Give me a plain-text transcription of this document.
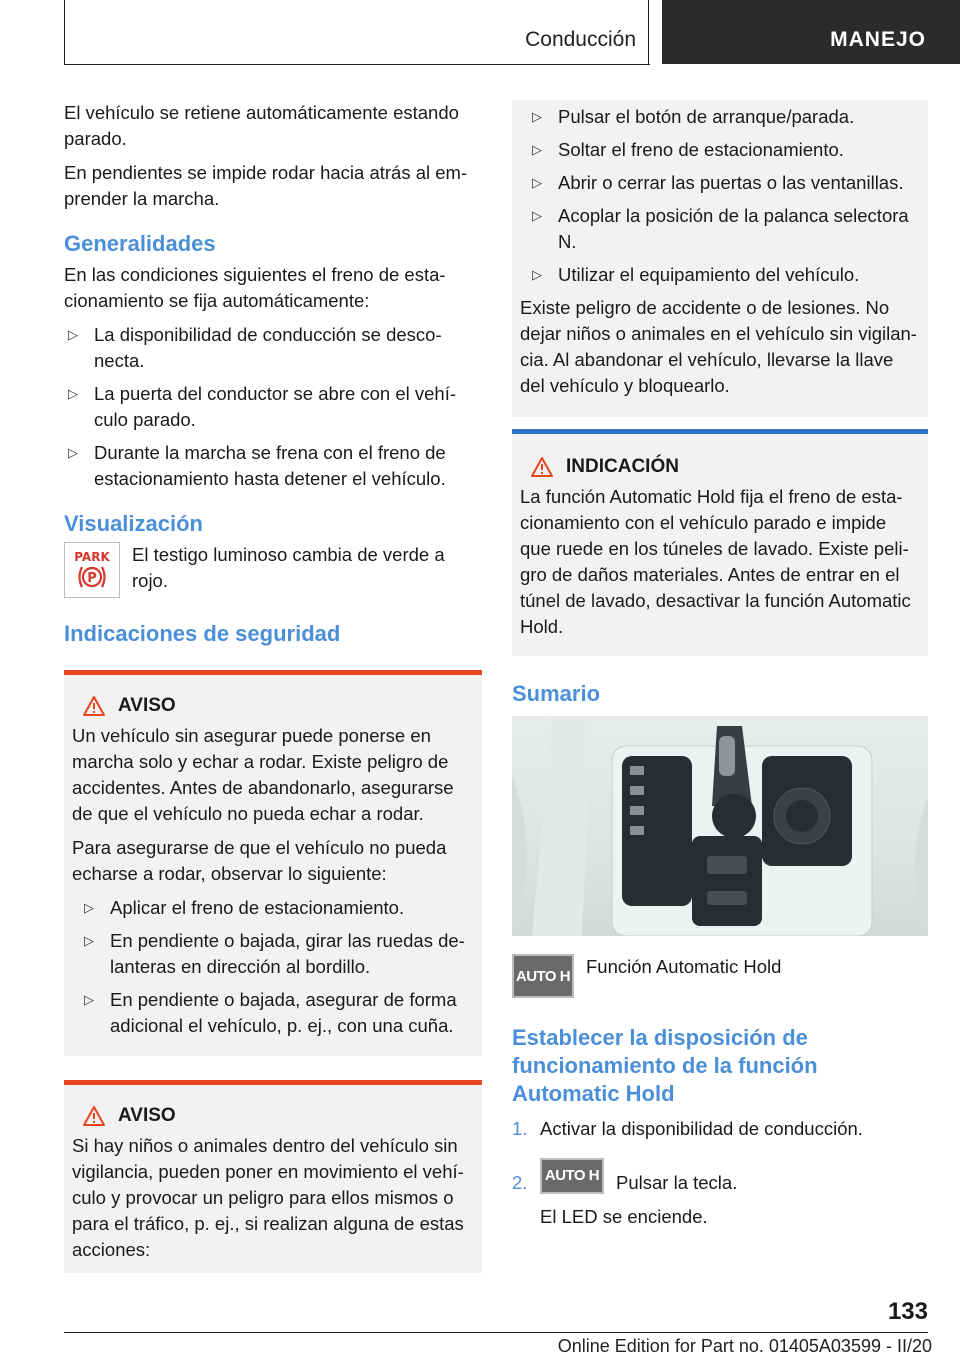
Conducción	MANEJO

El vehículo se retiene automáticamente estando parado.

En pendientes se impide rodar hacia atrás al emprender la marcha.

Generalidades

En las condiciones siguientes el freno de estacionamiento se fija automáticamente:

▷ La disponibilidad de conducción se desconecta.
▷ La puerta del conductor se abre con el vehículo parado.
▷ Durante la marcha se frena con el freno de estacionamiento hasta detener el vehículo.
Visualización
PARK
P
El testigo luminoso cambia de verde a rojo.
Indicaciones de seguridad
AVISO

Un vehículo sin asegurar puede ponerse en marcha solo y echar a rodar. Existe peligro de accidentes. Antes de abandonarlo, asegurarse de que el vehículo no pueda echar a rodar.

Para asegurarse de que el vehículo no pueda echarse a rodar, observar lo siguiente:

▷ Aplicar el freno de estacionamiento.
▷ En pendiente o bajada, girar las ruedas delanteras en dirección al bordillo.
▷ En pendiente o bajada, asegurar de forma adicional el vehículo, p. ej., con una cuña.
AVISO

Si hay niños o animales dentro del vehículo sin vigilancia, pueden poner en movimiento el vehículo y provocar un peligro para ellos mismos o para el tráfico, p. ej., si realizan alguna de estas acciones:

▷ Pulsar el botón de arranque/parada.
▷ Soltar el freno de estacionamiento.
▷ Abrir o cerrar las puertas o las ventanillas.
▷ Acoplar la posición de la palanca selectora N.
▷ Utilizar el equipamiento del vehículo.

Existe peligro de accidente o de lesiones. No dejar niños o animales en el vehículo sin vigilancia. Al abandonar el vehículo, llevarse la llave del vehículo y bloquearlo.

INDICACIÓN

La función Automatic Hold fija el freno de estacionamiento con el vehículo parado e impide que ruede en los túneles de lavado. Existe peligro de daños materiales. Antes de entrar en el túnel de lavado, desactivar la función Automatic Hold.

Sumario
AUTO H Función Automatic Hold
Establecer la disposición de funcionamiento de la función Automatic Hold
1. Activar la disponibilidad de conducción.
2.	AUTO H Pulsar la tecla.

El LED se enciende.

133
Online Edition for Part no. 01405A03599 - II/20
